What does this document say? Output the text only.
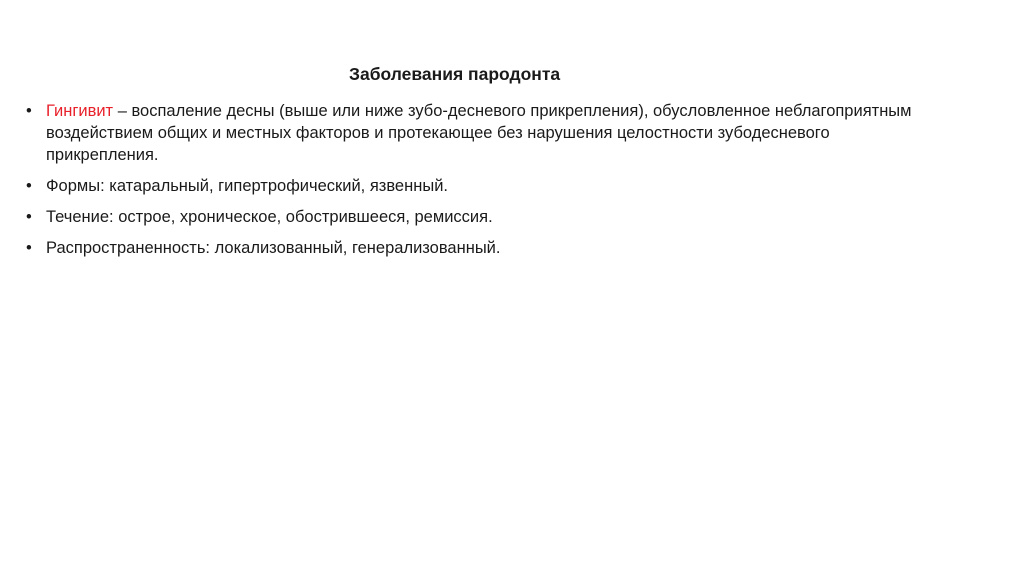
Заболевания пародонта
• Гингивит – воспаление десны (выше или ниже зубо-десневого прикрепления), обусловленное неблагоприятным воздействием общих и местных факторов и протекающее без нарушения целостности зубодесневого прикрепления.
• Формы: катаральный, гипертрофический, язвенный.
• Течение: острое, хроническое, обострившееся, ремиссия.
• Распространенность: локализованный, генерализованный.
